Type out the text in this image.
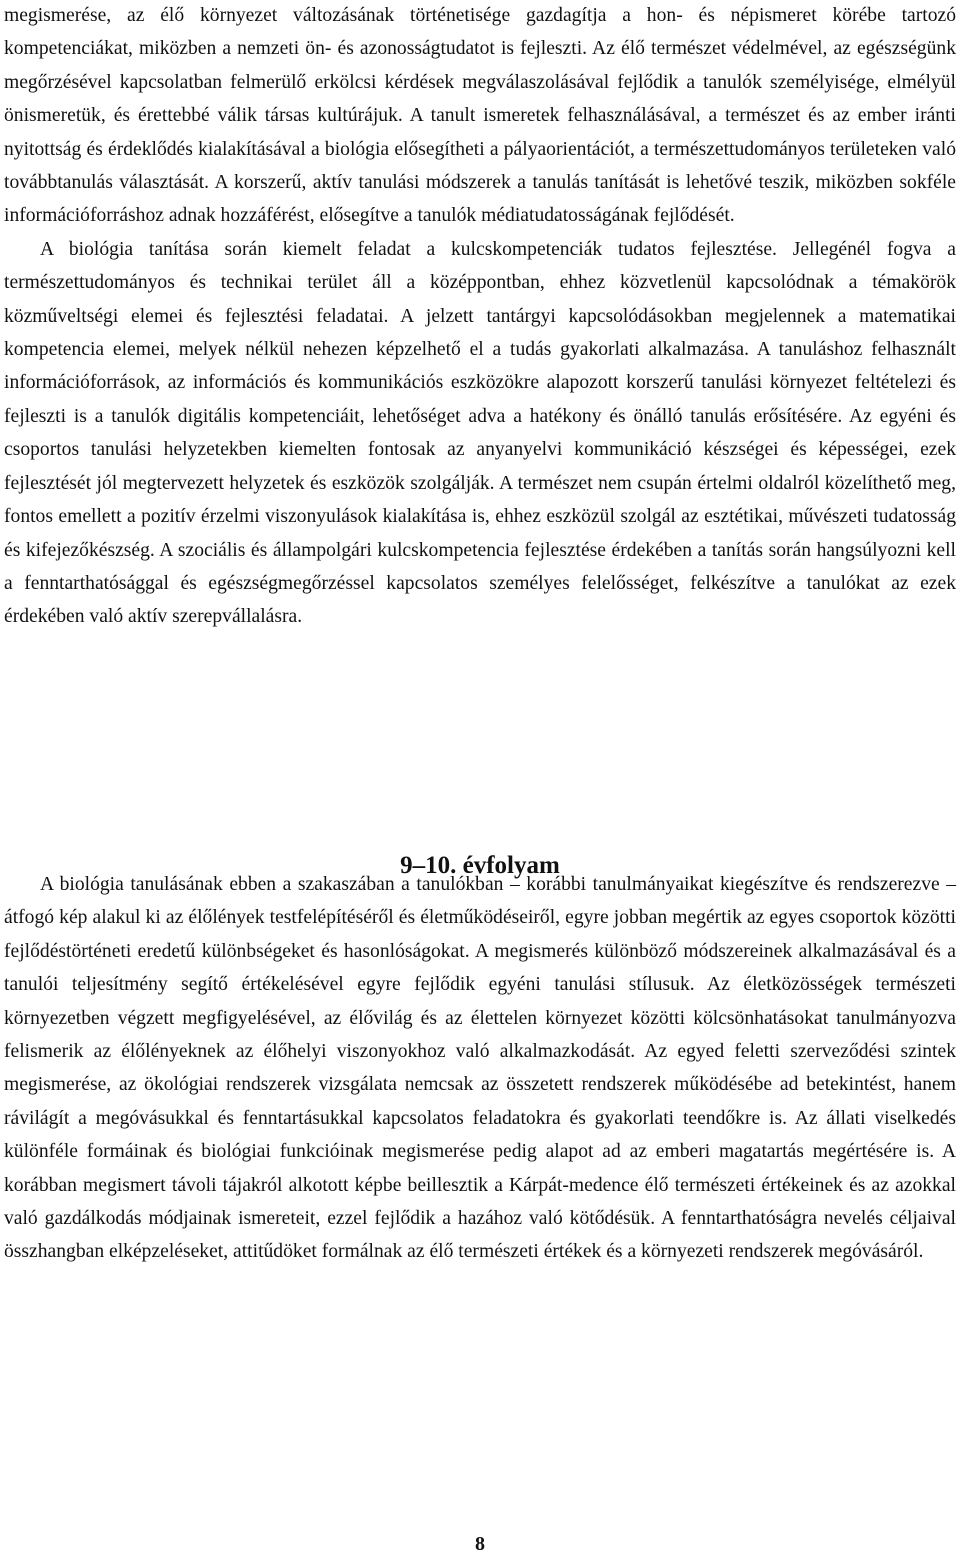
megismerése, az élő környezet változásának történetisége gazdagítja a hon- és népismeret körébe tartozó kompetenciákat, miközben a nemzeti ön- és azonosságtudatot is fejleszti. Az élő természet védelmével, az egészségünk megőrzésével kapcsolatban felmerülő erkölcsi kérdések megválaszolásával fejlődik a tanulók személyisége, elmélyül önismeretük, és érettebbé válik társas kultúrájuk. A tanult ismeretek felhasználásával, a természet és az ember iránti nyitottság és érdeklődés kialakításával a biológia elősegítheti a pályaorientációt, a természettudományos területeken való továbbtanulás választását. A korszerű, aktív tanulási módszerek a tanulás tanítását is lehetővé teszik, miközben sokféle információforráshoz adnak hozzáférést, elősegítve a tanulók médiatudatosságának fejlődését.

A biológia tanítása során kiemelt feladat a kulcskompetenciák tudatos fejlesztése. Jellegénél fogva a természettudományos és technikai terület áll a középpontban, ehhez közvetlenül kapcsolódnak a témakörök közműveltségi elemei és fejlesztési feladatai. A jelzett tantárgyi kapcsolódásokban megjelennek a matematikai kompetencia elemei, melyek nélkül nehezen képzelhető el a tudás gyakorlati alkalmazása. A tanuláshoz felhasznált információforrások, az információs és kommunikációs eszközökre alapozott korszerű tanulási környezet feltételezi és fejleszti is a tanulók digitális kompetenciáit, lehetőséget adva a hatékony és önálló tanulás erősítésére. Az egyéni és csoportos tanulási helyzetekben kiemelten fontosak az anyanyelvi kommunikáció készségei és képességei, ezek fejlesztését jól megtervezett helyzetek és eszközök szolgálják. A természet nem csupán értelmi oldalról közelíthető meg, fontos emellett a pozitív érzelmi viszonyulások kialakítása is, ehhez eszközül szolgál az esztétikai, művészeti tudatosság és kifejezőkészség. A szociális és állampolgári kulcskompetencia fejlesztése érdekében a tanítás során hangsúlyozni kell a fenntarthatósággal és egészségmegőrzéssel kapcsolatos személyes felelősséget, felkészítve a tanulókat az ezek érdekében való aktív szerepvállalásra.

9–10. évfolyam

A biológia tanulásának ebben a szakaszában a tanulókban ‒ korábbi tanulmányaikat kiegészítve és rendszerezve ‒ átfogó kép alakul ki az élőlények testfelépítéséről és életműködéseiről, egyre jobban megértik az egyes csoportok közötti fejlődéstörténeti eredetű különbségeket és hasonlóságokat. A megismerés különböző módszereinek alkalmazásával és a tanulói teljesítmény segítő értékelésével egyre fejlődik egyéni tanulási stílusuk. Az életközösségek természeti környezetben végzett megfigyelésével, az élővilág és az élettelen környezet közötti kölcsönhatásokat tanulmányozva felismerik az élőlényeknek az élőhelyi viszonyokhoz való alkalmazkodását. Az egyed feletti szerveződési szintek megismerése, az ökológiai rendszerek vizsgálata nemcsak az összetett rendszerek működésébe ad betekintést, hanem rávilágít a megóvásukkal és fenntartásukkal kapcsolatos feladatokra és gyakorlati teendőkre is. Az állati viselkedés különféle formáinak és biológiai funkcióinak megismerése pedig alapot ad az emberi magatartás megértésére is. A korábban megismert távoli tájakról alkotott képbe beillesztik a Kárpát-medence élő természeti értékeinek és az azokkal való gazdálkodás módjainak ismereteit, ezzel fejlődik a hazához való kötődésük. A fenntarthatóságra nevelés céljaival összhangban elképzeléseket, attitűdöket formálnak az élő természeti értékek és a környezeti rendszerek megóvásáról.

8
